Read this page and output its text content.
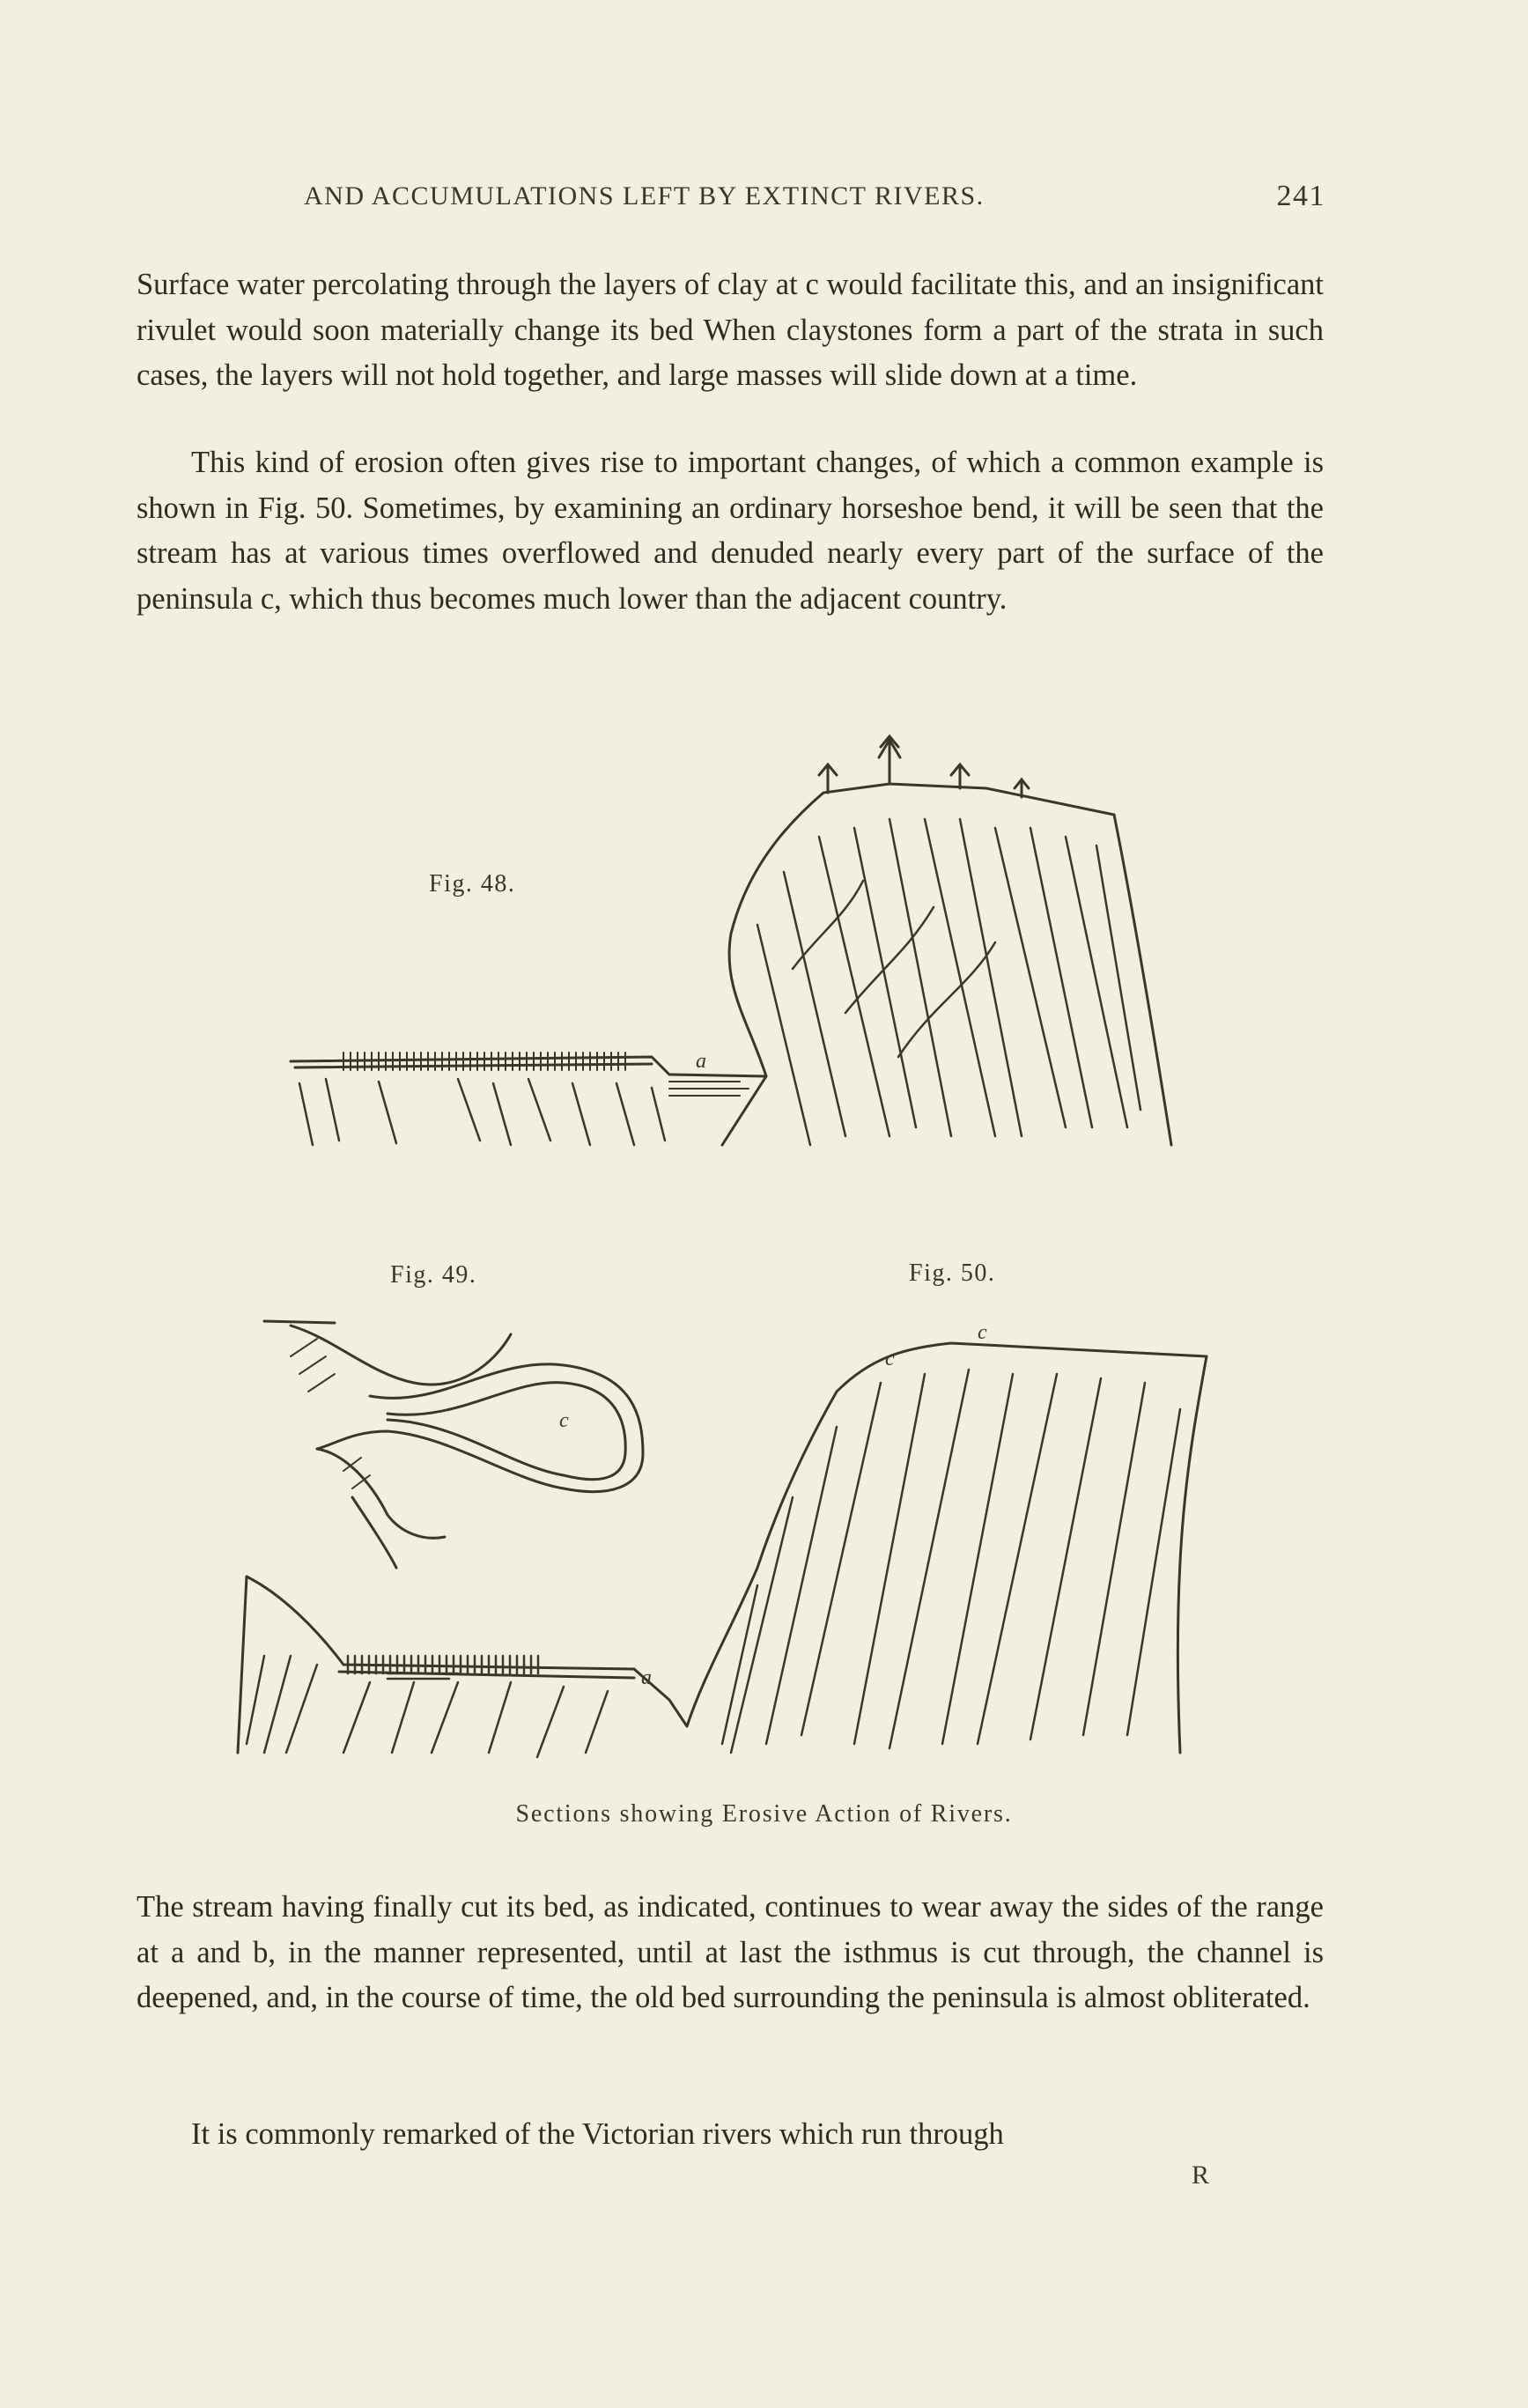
AND ACCUMULATIONS LEFT BY EXTINCT RIVERS.	241

Surface water percolating through the layers of clay at c would facilitate this, and an insignificant rivulet would soon materially change its bed When claystones form a part of the strata in such cases, the layers will not hold together, and large masses will slide down at a time.

This kind of erosion often gives rise to important changes, of which a common example is shown in Fig. 50. Sometimes, by examining an ordinary horseshoe bend, it will be seen that the stream has at various times overflowed and denuded nearly every part of the surface of the peninsula c, which thus becomes much lower than the adjacent country.

a
c
c
c
a
Fig. 48.
Fig. 49.	Fig. 50.
Sections showing Erosive Action of Rivers.

The stream having finally cut its bed, as indicated, continues to wear away the sides of the range at a and b, in the manner represented, until at last the isthmus is cut through, the channel is deepened, and, in the course of time, the old bed surrounding the peninsula is almost obliterated.

It is commonly remarked of the Victorian rivers which run through

R
